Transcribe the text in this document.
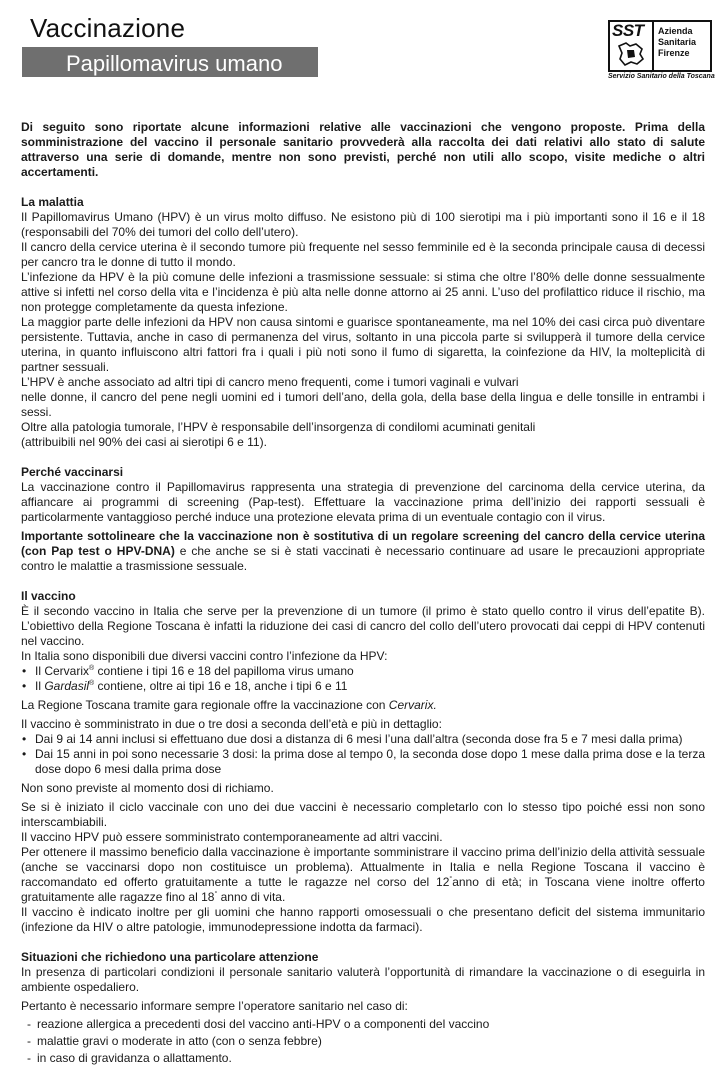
Vaccinazione
Papillomavirus umano
SST Azienda
Sanitaria
Firenze
Servizio Sanitario della Toscana

Di seguito sono riportate alcune informazioni relative alle vaccinazioni che vengono proposte. Prima della somministrazione del vaccino il personale sanitario provvederà alla raccolta dei dati relativi allo stato di salute attraverso una serie di domande, mentre non sono previsti, perché non utili allo scopo, visite mediche o altri accertamenti.

La malattia

Il Papillomavirus Umano (HPV) è un virus molto diffuso. Ne esistono più di 100 sierotipi ma i più importanti sono il 16 e il 18 (responsabili del 70% dei tumori del collo dell’utero).

Il cancro della cervice uterina è il secondo tumore più frequente nel sesso femminile ed è la seconda principale causa di decessi per cancro tra le donne di tutto il mondo.

L’infezione da HPV è la più comune delle infezioni a trasmissione sessuale: si stima che oltre l’80% delle donne sessualmente attive si infetti nel corso della vita e l’incidenza è più alta nelle donne attorno ai 25 anni. L’uso del profilattico riduce il rischio, ma non protegge completamente da questa infezione.

La maggior parte delle infezioni da HPV non causa sintomi e guarisce spontaneamente, ma nel 10% dei casi circa può diventare persistente. Tuttavia, anche in caso di permanenza del virus, soltanto in una piccola parte si svilupperà il tumore della cervice uterina, in quanto influiscono altri fattori fra i quali i più noti sono il fumo di sigaretta, la coinfezione da HIV, la molteplicità di partner sessuali.

L’HPV è anche associato ad altri tipi di cancro meno frequenti, come i tumori vaginali e vulvari

nelle donne, il cancro del pene negli uomini ed i tumori dell’ano, della gola, della base della lingua e delle tonsille in entrambi i sessi.

Oltre alla patologia tumorale, l’HPV è responsabile dell’insorgenza di condilomi acuminati genitali

(attribuibili nel 90% dei casi ai sierotipi 6 e 11).

Perché vaccinarsi

La vaccinazione contro il Papillomavirus rappresenta una strategia di prevenzione del carcinoma della cervice uterina, da affiancare ai programmi di screening (Pap-test). Effettuare la vaccinazione prima dell’inizio dei rapporti sessuali è particolarmente vantaggioso perché induce una protezione elevata prima di un eventuale contagio con il virus.

Importante sottolineare che la vaccinazione non è sostitutiva di un regolare screening del cancro della cervice uterina (con Pap test o HPV-DNA) e che anche se si è stati vaccinati è necessario continuare ad usare le precauzioni appropriate contro le malattie a trasmissione sessuale.

Il vaccino

È il secondo vaccino in Italia che serve per la prevenzione di un tumore (il primo è stato quello contro il virus dell’epatite B). L’obiettivo della Regione Toscana è infatti la riduzione dei casi di cancro del collo dell’utero provocati dai ceppi di HPV contenuti nel vaccino.

In Italia sono disponibili due diversi vaccini contro l’infezione da HPV:

• Il Cervarix® contiene i tipi 16 e 18 del papilloma virus umano
• Il Gardasil® contiene, oltre ai tipi 16 e 18, anche i tipi 6 e 11

La Regione Toscana tramite gara regionale offre la vaccinazione con Cervarix.

Il vaccino è somministrato in due o tre dosi a seconda dell’età e più in dettaglio:

• Dai 9 ai 14 anni inclusi si effettuano due dosi a distanza di 6 mesi l’una dall’altra (seconda dose fra 5 e 7 mesi dalla prima)
• Dai 15 anni in poi sono necessarie 3 dosi: la prima dose al tempo 0, la seconda dose dopo 1 mese dalla prima dose e la terza dose dopo 6 mesi dalla prima dose

Non sono previste al momento dosi di richiamo.

Se si è iniziato il ciclo vaccinale con uno dei due vaccini è necessario completarlo con lo stesso tipo poiché essi non sono interscambiabili.

Il vaccino HPV può essere somministrato contemporaneamente ad altri vaccini.

Per ottenere il massimo beneficio dalla vaccinazione è importante somministrare il vaccino prima dell’inizio della attività sessuale (anche se vaccinarsi dopo non costituisce un problema). Attualmente in Italia e nella Regione Toscana il vaccino è raccomandato ed offerto gratuitamente a tutte le ragazze nel corso del 12°anno di età; in Toscana viene inoltre offerto gratuitamente alle ragazze fino al 18° anno di vita.

Il vaccino è indicato inoltre per gli uomini che hanno rapporti omosessuali o che presentano deficit del sistema immunitario (infezione da HIV o altre patologie, immunodepressione indotta da farmaci).

Situazioni che richiedono una particolare attenzione

In presenza di particolari condizioni il personale sanitario valuterà l’opportunità di rimandare la vaccinazione o di eseguirla in ambiente ospedaliero.

Pertanto è necessario informare sempre l’operatore sanitario nel caso di:

- reazione allergica a precedenti dosi del vaccino anti-HPV o a componenti del vaccino
- malattie gravi o moderate in atto (con o senza febbre)
- in caso di gravidanza o allattamento.
